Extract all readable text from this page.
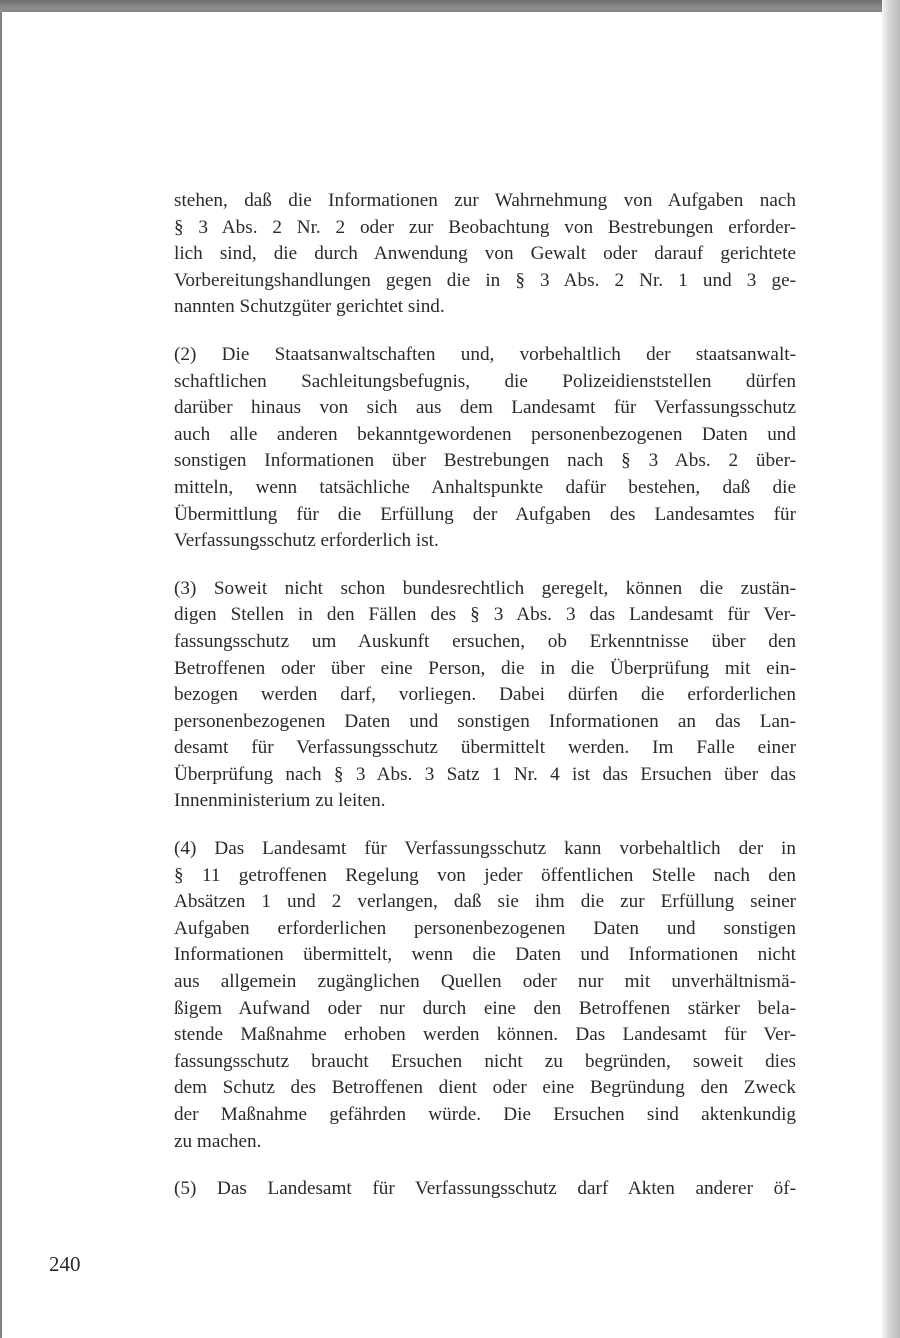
stehen, daß die Informationen zur Wahrnehmung von Aufgaben nach
§ 3 Abs. 2 Nr. 2 oder zur Beobachtung von Bestrebungen erforder-
lich sind, die durch Anwendung von Gewalt oder darauf gerichtete
Vorbereitungshandlungen gegen die in § 3 Abs. 2 Nr. 1 und 3 ge-
nannten Schutzgüter gerichtet sind.

(2) Die Staatsanwaltschaften und, vorbehaltlich der staatsanwalt-
schaftlichen Sachleitungsbefugnis, die Polizeidienststellen dürfen
darüber hinaus von sich aus dem Landesamt für Verfassungsschutz
auch alle anderen bekanntgewordenen personenbezogenen Daten und
sonstigen Informationen über Bestrebungen nach § 3 Abs. 2 über-
mitteln, wenn tatsächliche Anhaltspunkte dafür bestehen, daß die
Übermittlung für die Erfüllung der Aufgaben des Landesamtes für
Verfassungsschutz erforderlich ist.

(3) Soweit nicht schon bundesrechtlich geregelt, können die zustän-
digen Stellen in den Fällen des § 3 Abs. 3 das Landesamt für Ver-
fassungsschutz um Auskunft ersuchen, ob Erkenntnisse über den
Betroffenen oder über eine Person, die in die Überprüfung mit ein-
bezogen werden darf, vorliegen. Dabei dürfen die erforderlichen
personenbezogenen Daten und sonstigen Informationen an das Lan-
desamt für Verfassungsschutz übermittelt werden. Im Falle einer
Überprüfung nach § 3 Abs. 3 Satz 1 Nr. 4 ist das Ersuchen über das
Innenministerium zu leiten.

(4) Das Landesamt für Verfassungsschutz kann vorbehaltlich der in
§ 11 getroffenen Regelung von jeder öffentlichen Stelle nach den
Absätzen 1 und 2 verlangen, daß sie ihm die zur Erfüllung seiner
Aufgaben erforderlichen personenbezogenen Daten und sonstigen
Informationen übermittelt, wenn die Daten und Informationen nicht
aus allgemein zugänglichen Quellen oder nur mit unverhältnismä-
ßigem Aufwand oder nur durch eine den Betroffenen stärker bela-
stende Maßnahme erhoben werden können. Das Landesamt für Ver-
fassungsschutz braucht Ersuchen nicht zu begründen, soweit dies
dem Schutz des Betroffenen dient oder eine Begründung den Zweck
der Maßnahme gefährden würde. Die Ersuchen sind aktenkundig
zu machen.

(5) Das Landesamt für Verfassungsschutz darf Akten anderer öf-

240
